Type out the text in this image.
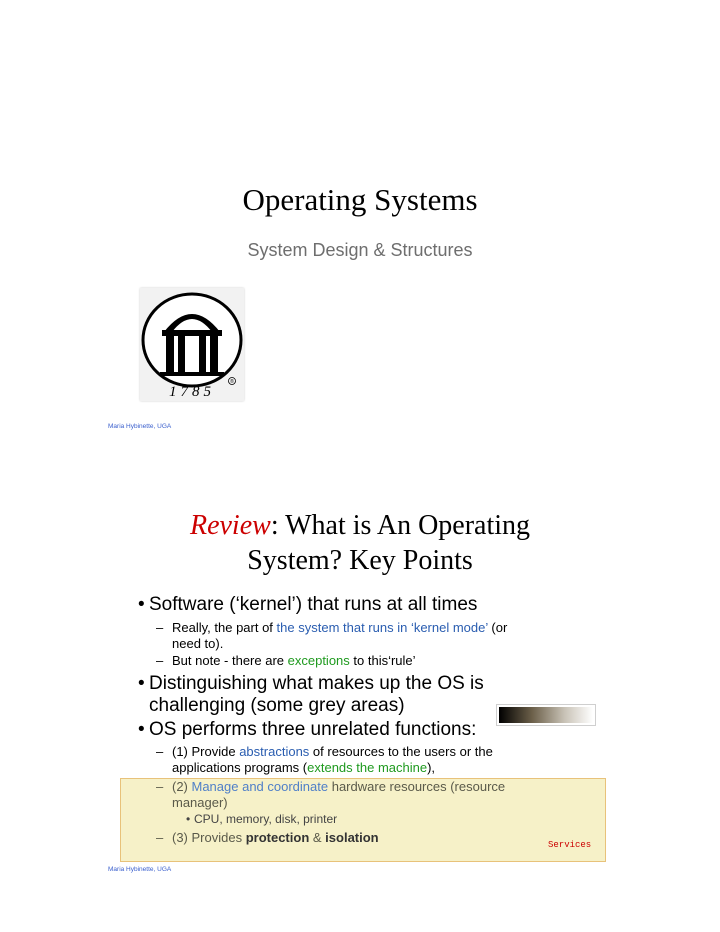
Operating Systems
System Design & Structures
®
1785
Maria Hybinette, UGA
Review: What is An Operating
System? Key Points
• Software (‘kernel’) that runs at all times
– Really, the part of the system that runs in ‘kernel mode’ (or
need to).
– But note - there are exceptions to this‘rule’
• Distinguishing what makes up the OS is
challenging (some grey areas)
• OS performs three unrelated functions:
– (1) Provide abstractions of resources to the users or the
applications programs (extends the machine),
– (2) Manage and coordinate hardware resources (resource
manager)
• CPU, memory, disk, printer
– (3) Provides protection & isolation	Services
Maria Hybinette, UGA
